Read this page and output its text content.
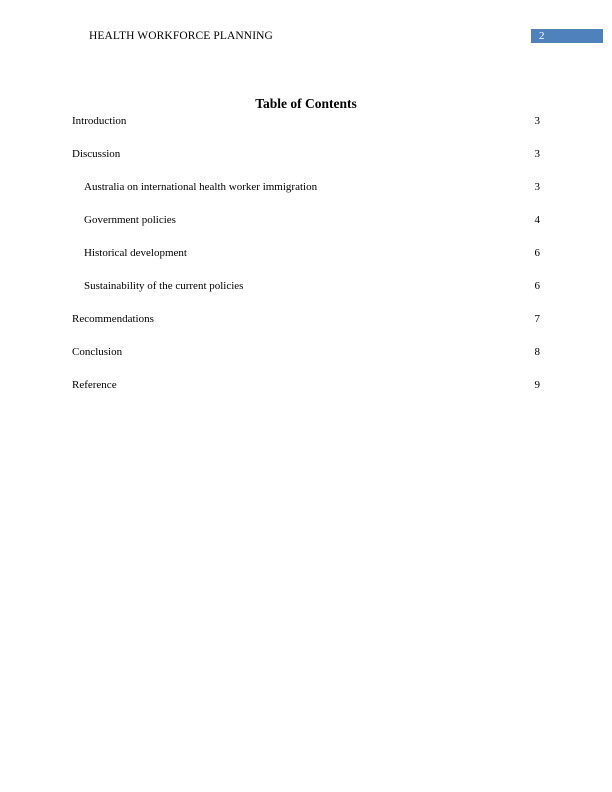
HEALTH WORKFORCE PLANNING	2
Table of Contents
Introduction	3
Discussion	3
Australia on international health worker immigration	3
Government policies	4
Historical development	6
Sustainability of the current policies	6
Recommendations	7
Conclusion	8
Reference	9
